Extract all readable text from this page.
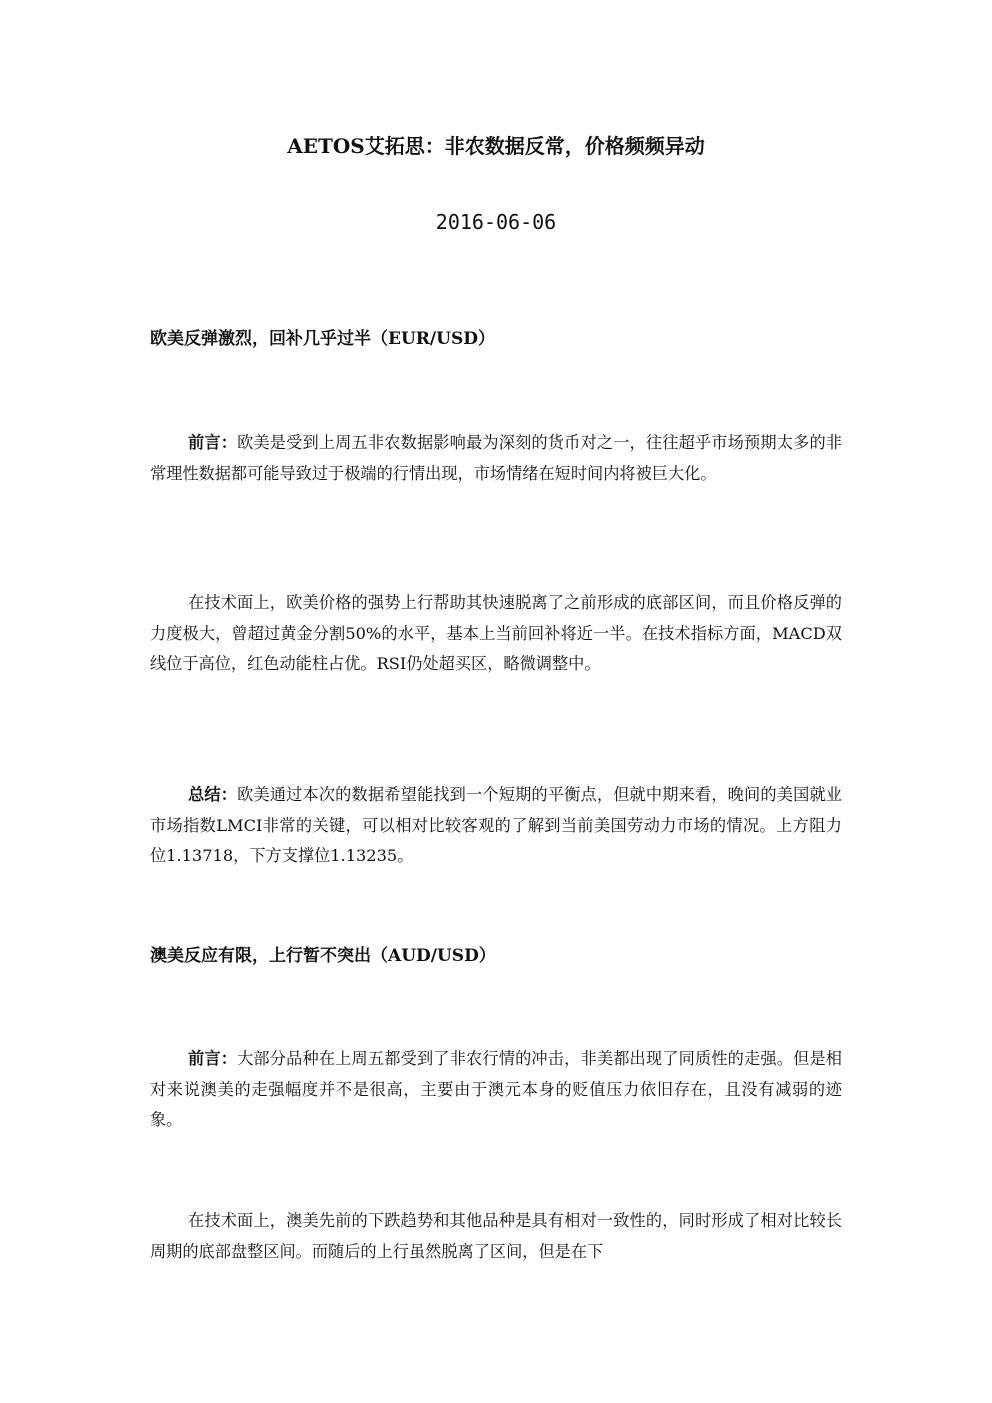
AETOS艾拓思：非农数据反常，价格频频异动

2016-06-06

欧美反弹激烈，回补几乎过半（EUR/USD）

前言：欧美是受到上周五非农数据影响最为深刻的货币对之一，往往超乎市场预期太多的非常理性数据都可能导致过于极端的行情出现，市场情绪在短时间内将被巨大化。

在技术面上，欧美价格的强势上行帮助其快速脱离了之前形成的底部区间，而且价格反弹的力度极大，曾超过黄金分割50%的水平，基本上当前回补将近一半。在技术指标方面，MACD双线位于高位，红色动能柱占优。RSI仍处超买区，略微调整中。

总结：欧美通过本次的数据希望能找到一个短期的平衡点，但就中期来看，晚间的美国就业市场指数LMCI非常的关键，可以相对比较客观的了解到当前美国劳动力市场的情况。上方阻力位1.13718，下方支撑位1.13235。

澳美反应有限，上行暂不突出（AUD/USD）

前言：大部分品种在上周五都受到了非农行情的冲击，非美都出现了同质性的走强。但是相对来说澳美的走强幅度并不是很高，主要由于澳元本身的贬值压力依旧存在，且没有减弱的迹象。

在技术面上，澳美先前的下跌趋势和其他品种是具有相对一致性的，同时形成了相对比较长周期的底部盘整区间。而随后的上行虽然脱离了区间，但是在下
